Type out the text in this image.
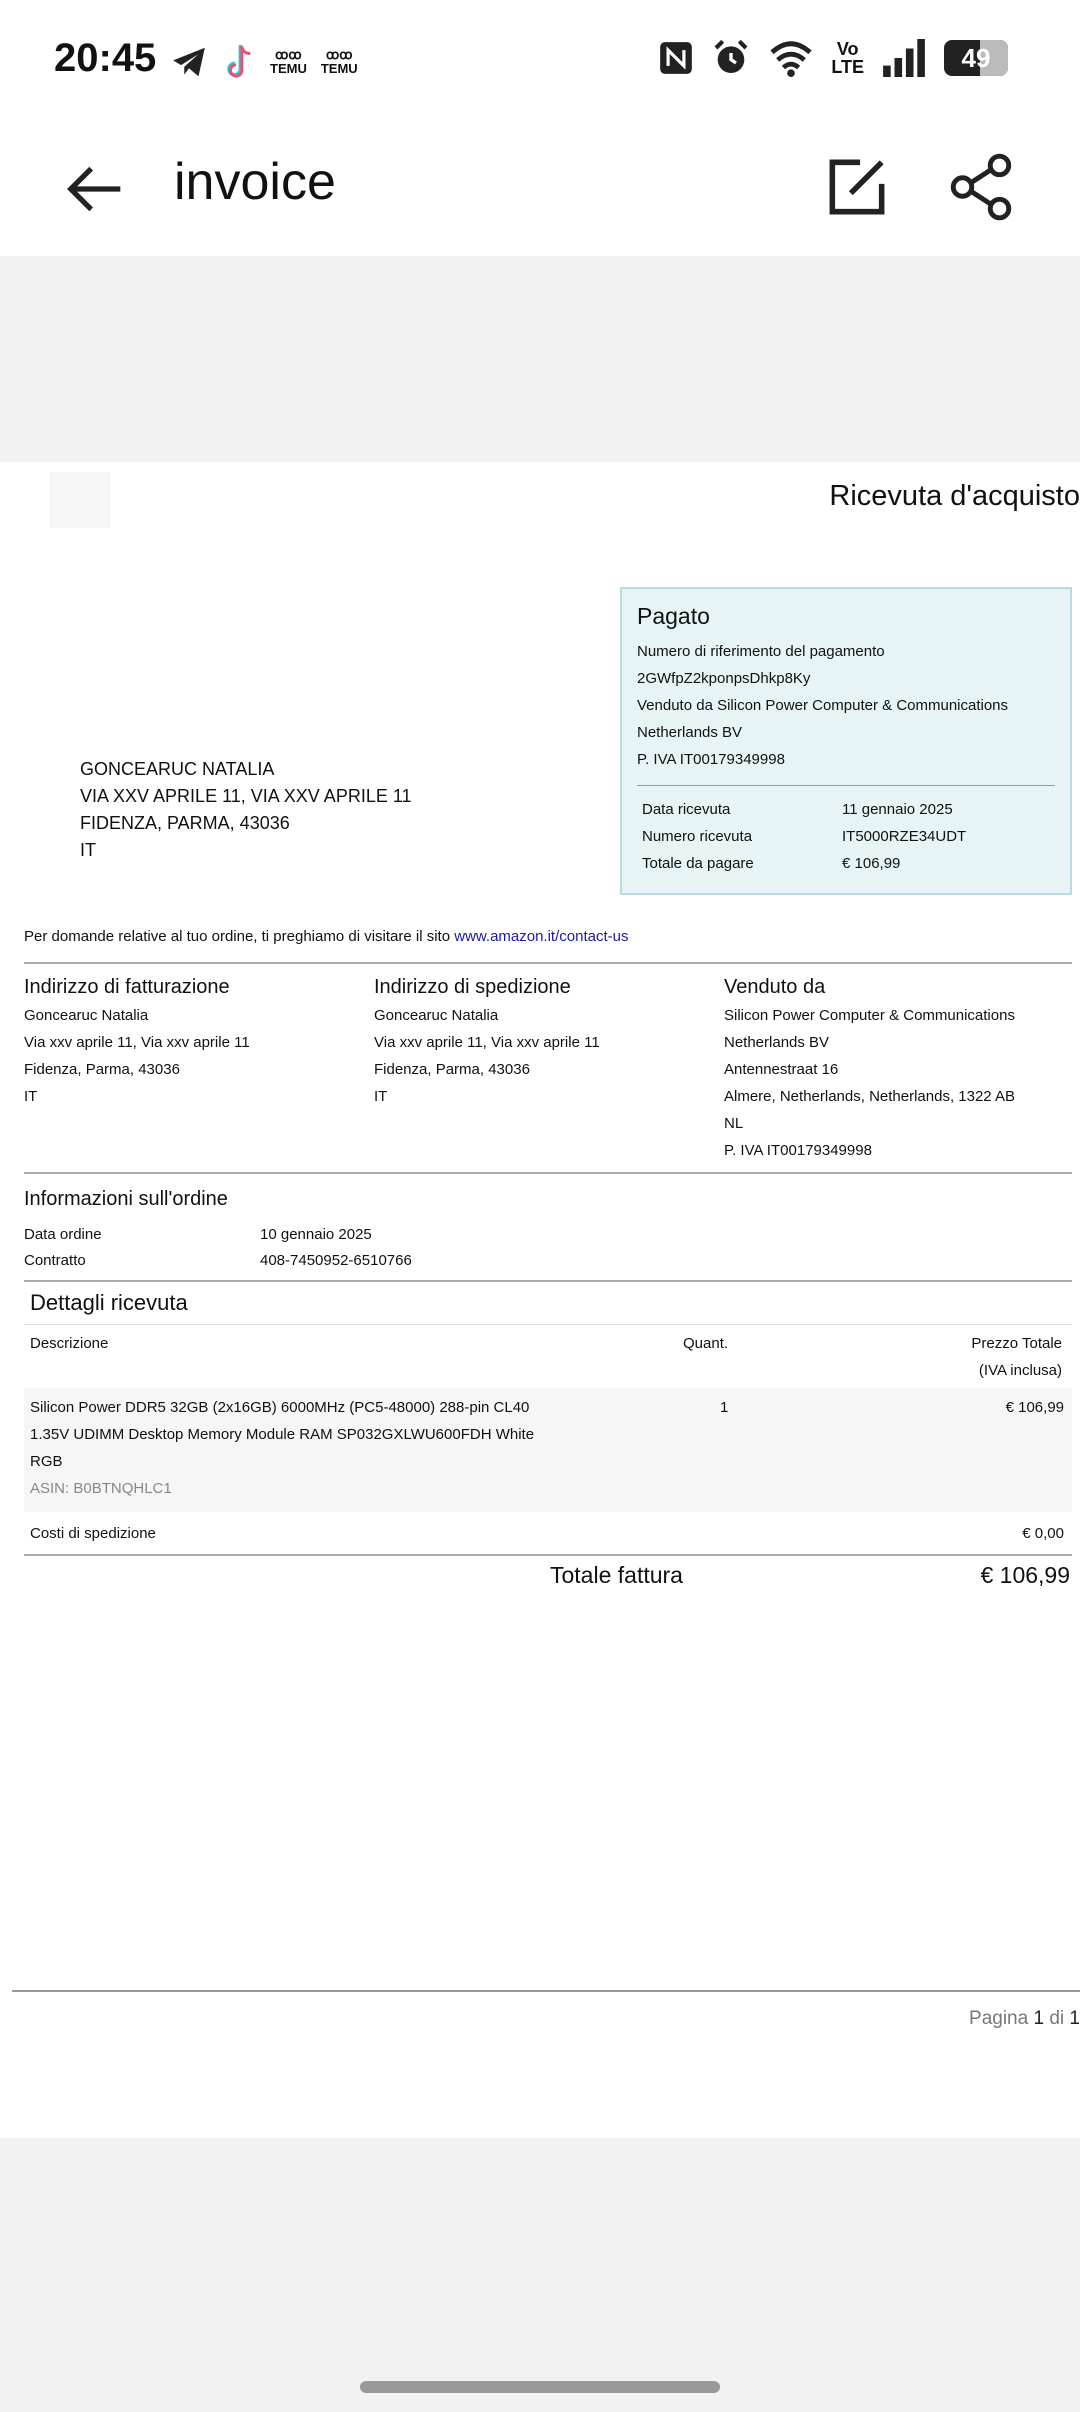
20:45	ꝏꝏ
TEMU
ꝏꝏ
TEMU
Vo
LTE	49
invoice
Ricevuta d'acquisto
Pagato
Numero di riferimento del pagamento
2GWfpZ2kponpsDhkp8Ky
Venduto da Silicon Power Computer & Communications
Netherlands BV
P. IVA IT00179349998
Data ricevuta	11 gennaio 2025
Numero ricevuta	IT5000RZE34UDT
Totale da pagare	€ 106,99
GONCEARUC NATALIA
VIA XXV APRILE 11, VIA XXV APRILE 11
FIDENZA, PARMA, 43036
IT
Per domande relative al tuo ordine, ti preghiamo di visitare il sito www.amazon.it/contact-us
Indirizzo di fatturazione
Goncearuc Natalia
Via xxv aprile 11, Via xxv aprile 11
Fidenza, Parma, 43036
IT
Indirizzo di spedizione
Goncearuc Natalia
Via xxv aprile 11, Via xxv aprile 11
Fidenza, Parma, 43036
IT
Venduto da
Silicon Power Computer & Communications
Netherlands BV
Antennestraat 16
Almere, Netherlands, Netherlands, 1322 AB
NL
P. IVA IT00179349998
Informazioni sull'ordine
Data ordine	10 gennaio 2025
Contratto	408-7450952-6510766
Dettagli ricevuta
Descrizione	Quant.	Prezzo Totale
(IVA inclusa)
Silicon Power DDR5 32GB (2x16GB) 6000MHz (PC5-48000) 288-pin CL40
1.35V UDIMM Desktop Memory Module RAM SP032GXLWU600FDH White
RGB
ASIN: B0BTNQHLC1
1	€ 106,99
Costi di spedizione	€ 0,00
Totale fattura	€ 106,99
Pagina 1 di 1
